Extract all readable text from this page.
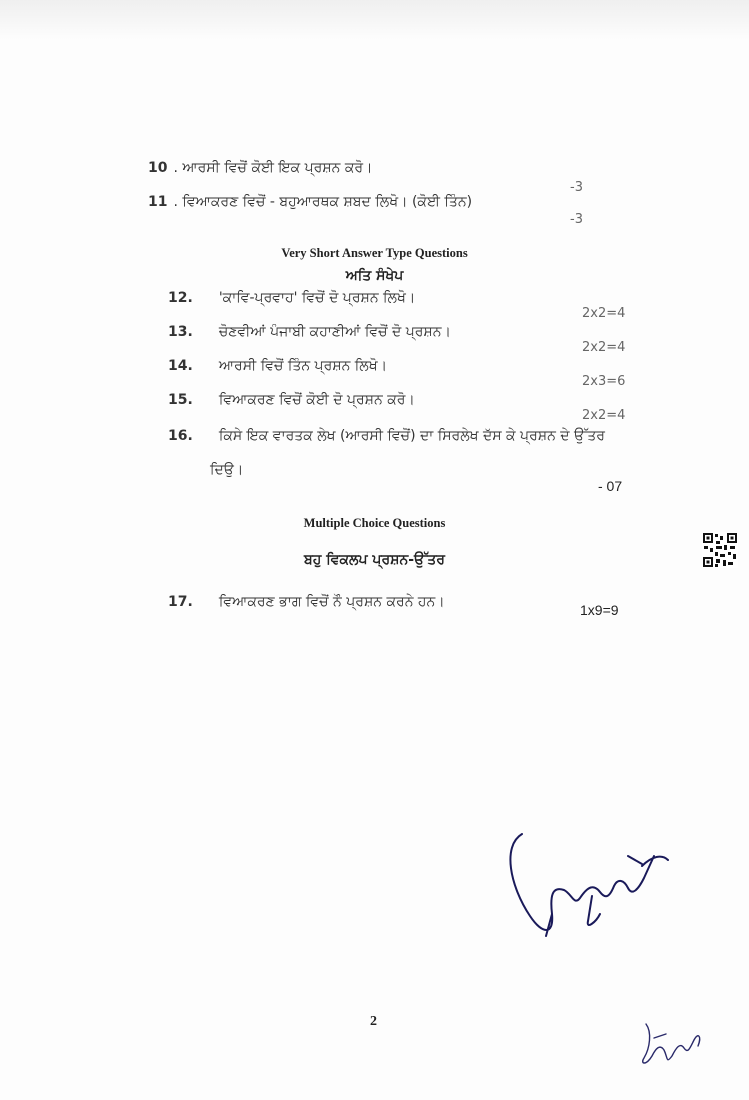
10 . ਆਰਸੀ ਵਿਚੋਂ ਕੋਈ ਇਕ ਪ੍ਰਸ਼ਨ ਕਰੋ।
-3
11 . ਵਿਆਕਰਣ ਵਿਚੋਂ - ਬਹੁਆਰਥਕ ਸ਼ਬਦ ਲਿਖੋ। (ਕੋਈ ਤਿੰਨ)
-3
Very Short Answer Type Questions
ਅਤਿ ਸੰਖੇਪ
12. 'ਕਾਵਿ-ਪ੍ਰਵਾਹ' ਵਿਚੋਂ ਦੋ ਪ੍ਰਸ਼ਨ ਲਿਖੋ।
2x2=4
13. ਚੋਣਵੀਆਂ ਪੰਜਾਬੀ ਕਹਾਣੀਆਂ ਵਿਚੋਂ ਦੋ ਪ੍ਰਸ਼ਨ।
2x2=4
14. ਆਰਸੀ ਵਿਚੋਂ ਤਿੰਨ ਪ੍ਰਸ਼ਨ ਲਿਖੋ।
2x3=6
15. ਵਿਆਕਰਣ ਵਿਚੋਂ ਕੋਈ ਦੋ ਪ੍ਰਸ਼ਨ ਕਰੋ।
2x2=4
16. ਕਿਸੇ ਇਕ ਵਾਰਤਕ ਲੇਖ (ਆਰਸੀ ਵਿਚੋਂ) ਦਾ ਸਿਰਲੇਖ ਦੱਸ ਕੇ ਪ੍ਰਸ਼ਨ ਦੇ ਉੱਤਰ
ਦਿਉ।
- 07
Multiple Choice Questions
ਬਹੁ ਵਿਕਲਪ ਪ੍ਰਸ਼ਨ-ਉੱਤਰ
17. ਵਿਆਕਰਣ ਭਾਗ ਵਿਚੋਂ ਨੌ ਪ੍ਰਸ਼ਨ ਕਰਨੇ ਹਨ।	1x9=9
2
